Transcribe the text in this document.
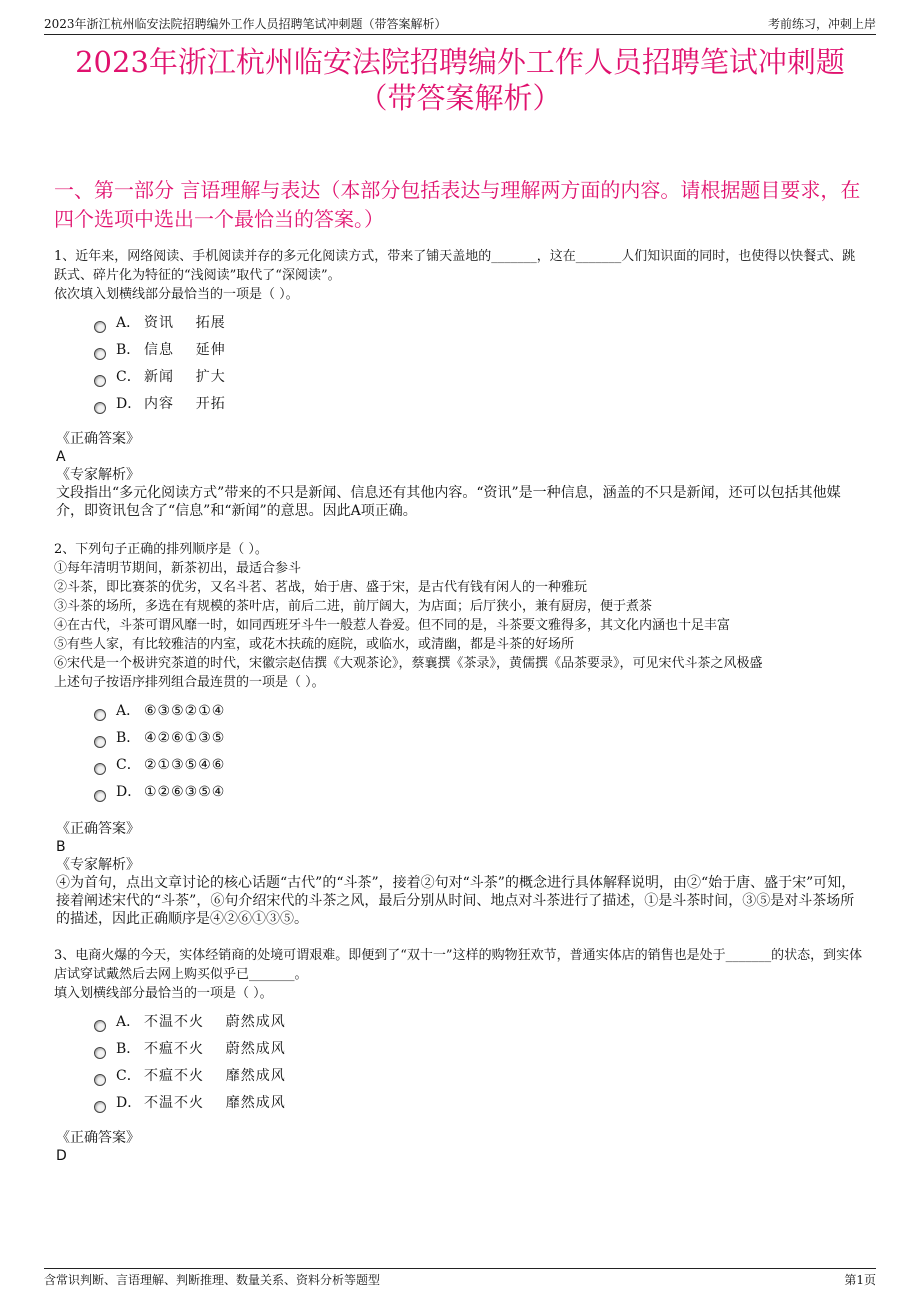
2023年浙江杭州临安法院招聘编外工作人员招聘笔试冲刺题（带答案解析）	考前练习，冲刺上岸
2023年浙江杭州临安法院招聘编外工作人员招聘笔试冲刺题
（带答案解析）
一、第一部分 言语理解与表达（本部分包括表达与理解两方面的内容。请根据题目要求，在四个选项中选出一个最恰当的答案。）

1、近年来，网络阅读、手机阅读并存的多元化阅读方式，带来了铺天盖地的_______，这在_______人们知识面的同时，也使得以快餐式、跳跃式、碎片化为特征的“浅阅读”取代了“深阅读”。

依次填入划横线部分最恰当的一项是（ ）。

A． 资讯    拓展
B． 信息    延伸
C． 新闻    扩大
D． 内容    开拓

《正确答案》

A

《专家解析》

文段指出“多元化阅读方式”带来的不只是新闻、信息还有其他内容。“资讯”是一种信息，涵盖的不只是新闻，还可以包括其他媒介，即资讯包含了“信息”和“新闻”的意思。因此A项正确。

2、下列句子正确的排列顺序是（ ）。

①每年清明节期间，新茶初出，最适合参斗

②斗茶，即比赛茶的优劣，又名斗茗、茗战，始于唐、盛于宋，是古代有钱有闲人的一种雅玩

③斗茶的场所，多选在有规模的茶叶店，前后二进，前厅阔大，为店面；后厅狭小，兼有厨房，便于煮茶

④在古代，斗茶可谓风靡一时，如同西班牙斗牛一般惹人眷爱。但不同的是，斗茶要文雅得多，其文化内涵也十足丰富

⑤有些人家，有比较雅洁的内室，或花木扶疏的庭院，或临水，或清幽，都是斗茶的好场所

⑥宋代是一个极讲究茶道的时代，宋徽宗赵佶撰《大观茶论》，蔡襄撰《茶录》，黄儒撰《品茶要录》，可见宋代斗茶之风极盛

上述句子按语序排列组合最连贯的一项是（ ）。

A． ⑥③⑤②①④
B． ④②⑥①③⑤
C． ②①③⑤④⑥
D． ①②⑥③⑤④

《正确答案》

B

《专家解析》

④为首句，点出文章讨论的核心话题“古代”的“斗茶”，接着②句对“斗茶”的概念进行具体解释说明，由②“始于唐、盛于宋”可知，接着阐述宋代的“斗茶”，⑥句介绍宋代的斗茶之风，最后分别从时间、地点对斗茶进行了描述，①是斗茶时间，③⑤是对斗茶场所的描述，因此正确顺序是④②⑥①③⑤。

3、电商火爆的今天，实体经销商的处境可谓艰难。即便到了“双十一”这样的购物狂欢节，普通实体店的销售也是处于_______的状态，到实体店试穿试戴然后去网上购买似乎已_______。

填入划横线部分最恰当的一项是（ ）。

A． 不温不火    蔚然成风
B． 不瘟不火    蔚然成风
C． 不瘟不火    靡然成风
D． 不温不火    靡然成风

《正确答案》

D

含常识判断、言语理解、判断推理、数量关系、资料分析等题型	第1页
